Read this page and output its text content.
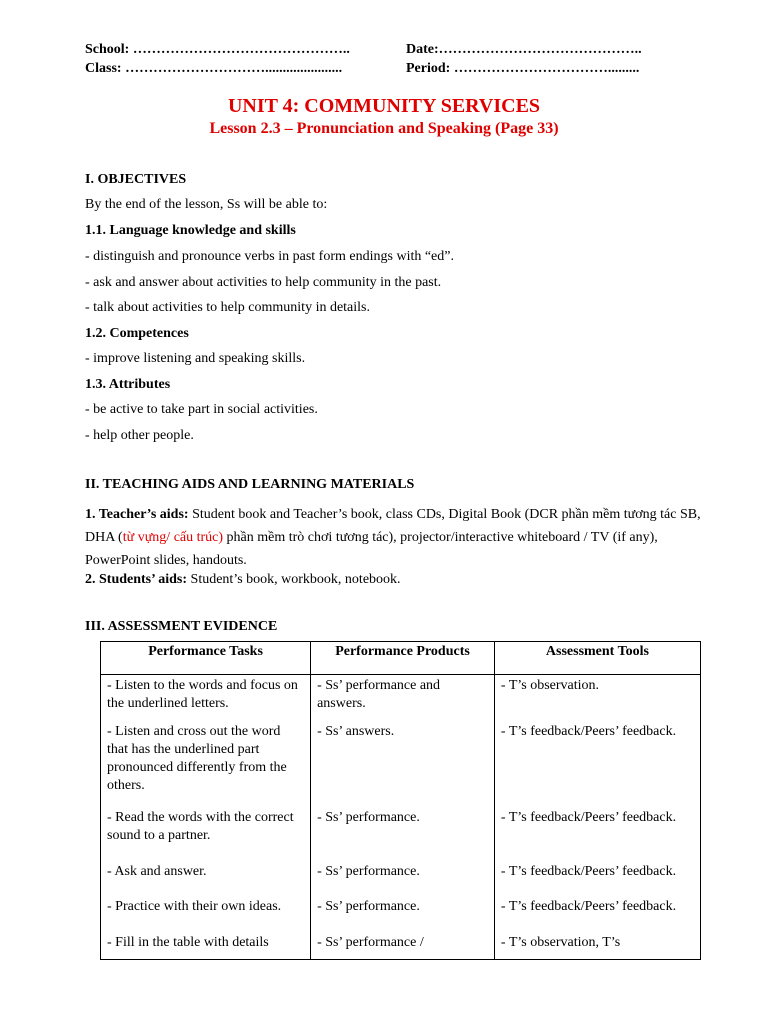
School: ………………………………………..
Class: …………………………......................
Date:……………………………………..
Period: …………………………….........
UNIT 4: COMMUNITY SERVICES
Lesson 2.3 – Pronunciation and Speaking (Page 33)
I. OBJECTIVES
By the end of the lesson, Ss will be able to:
1.1. Language knowledge and skills
- distinguish and pronounce verbs in past form endings with “ed”.
- ask and answer about activities to help community in the past.
- talk about activities to help community in details.
1.2. Competences
- improve listening and speaking skills.
1.3. Attributes
- be active to take part in social activities.
- help other people.
II. TEACHING AIDS AND LEARNING MATERIALS
1. Teacher’s aids: Student book and Teacher’s book, class CDs, Digital Book (DCR phần mềm tương tác SB, DHA (từ vựng/ cấu trúc) phần mềm trò chơi tương tác), projector/interactive whiteboard / TV (if any), PowerPoint slides, handouts.
2. Students’ aids: Student’s book, workbook, notebook.
III. ASSESSMENT EVIDENCE
Performance Tasks	Performance Products	Assessment Tools
- Listen to the words and focus on the underlined letters.	- Ss’ performance and answers.	- T’s observation.
- Listen and cross out the word that has the underlined part pronounced differently from the others.	- Ss’ answers.	- T’s feedback/Peers’ feedback.
- Read the words with the correct sound to a partner.	- Ss’ performance.	- T’s feedback/Peers’ feedback.
- Ask and answer.	- Ss’ performance.	- T’s feedback/Peers’ feedback.
- Practice with their own ideas.	- Ss’ performance.	- T’s feedback/Peers’ feedback.
- Fill in the table with details	- Ss’ performance /	- T’s observation, T’s
